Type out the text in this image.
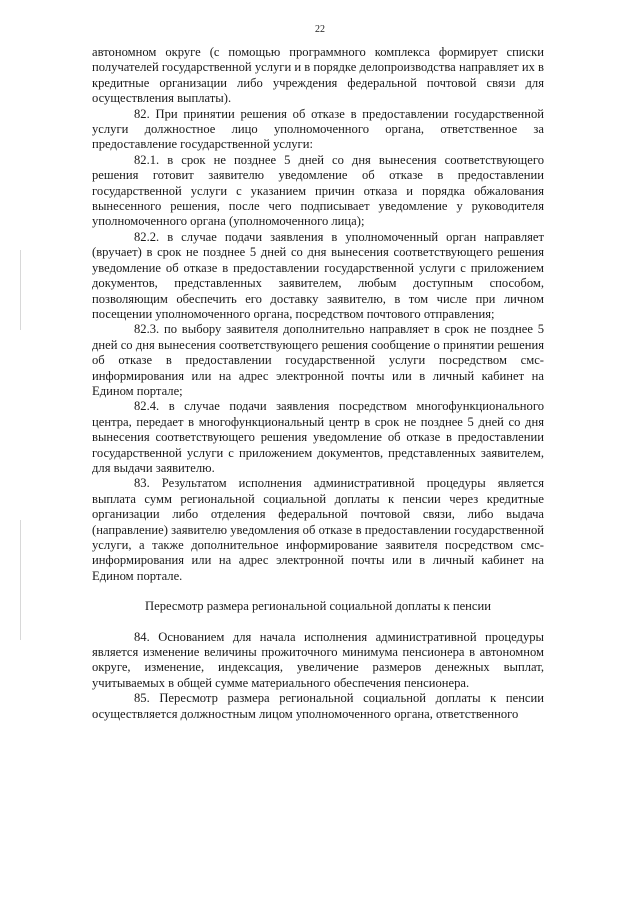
22

автономном округе (с помощью программного комплекса формирует списки получателей государственной услуги и в порядке делопроизводства направляет их в кредитные организации либо учреждения федеральной почтовой связи для осуществления выплаты).

82. При принятии решения об отказе в предоставлении государственной услуги должностное лицо уполномоченного органа, ответственное за предоставление государственной услуги:

82.1. в срок не позднее 5 дней со дня вынесения соответствующего решения готовит заявителю уведомление об отказе в предоставлении государственной услуги с указанием причин отказа и порядка обжалования вынесенного решения, после чего подписывает уведомление у руководителя уполномоченного органа (уполномоченного лица);

82.2. в случае подачи заявления в уполномоченный орган направляет (вручает) в срок не позднее 5 дней со дня вынесения соответствующего решения уведомление об отказе в предоставлении государственной услуги с приложением документов, представленных заявителем, любым доступным способом, позволяющим обеспечить его доставку заявителю, в том числе при личном посещении уполномоченного органа, посредством почтового отправления;

82.3. по выбору заявителя дополнительно направляет в срок не позднее 5 дней со дня вынесения соответствующего решения сообщение о принятии решения об отказе в предоставлении государственной услуги посредством смс-информирования или на адрес электронной почты или в личный кабинет на Едином портале;

82.4. в случае подачи заявления посредством многофункционального центра, передает в многофункциональный центр в срок не позднее 5 дней со дня вынесения соответствующего решения уведомление об отказе в предоставлении государственной услуги с приложением документов, представленных заявителем, для выдачи заявителю.

83. Результатом исполнения административной процедуры является выплата сумм региональной социальной доплаты к пенсии через кредитные организации либо отделения федеральной почтовой связи, либо выдача (направление) заявителю уведомления об отказе в предоставлении государственной услуги, а также дополнительное информирование заявителя посредством смс-информирования или на адрес электронной почты или в личный кабинет на Едином портале.

Пересмотр размера региональной социальной доплаты к пенсии

84. Основанием для начала исполнения административной процедуры является изменение величины прожиточного минимума пенсионера в автономном округе, изменение, индексация, увеличение размеров денежных выплат, учитываемых в общей сумме материального обеспечения пенсионера.

85. Пересмотр размера региональной социальной доплаты к пенсии осуществляется должностным лицом уполномоченного органа, ответственного
